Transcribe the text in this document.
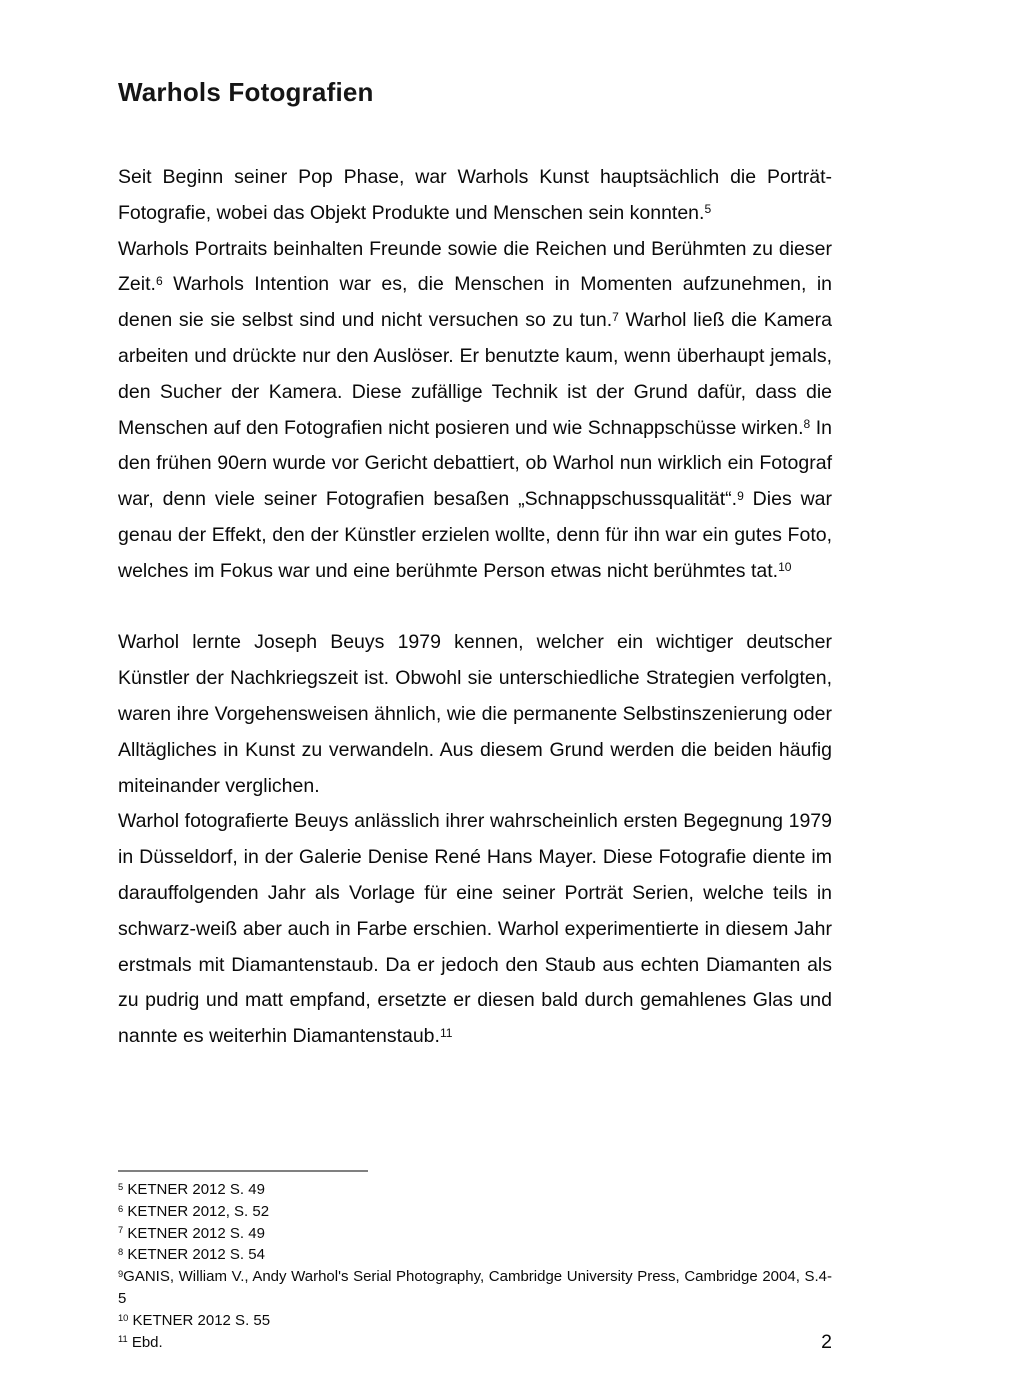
Warhols Fotografien

Seit Beginn seiner Pop Phase, war Warhols Kunst hauptsächlich die Porträt-Fotografie, wobei das Objekt Produkte und Menschen sein konnten.$^5$

Warhols Portraits beinhalten Freunde sowie die Reichen und Berühmten zu dieser Zeit.$^6$ Warhols Intention war es, die Menschen in Momenten aufzunehmen, in denen sie sie selbst sind und nicht versuchen so zu tun.$^7$ Warhol ließ die Kamera arbeiten und drückte nur den Auslöser. Er benutzte kaum, wenn überhaupt jemals, den Sucher der Kamera. Diese zufällige Technik ist der Grund dafür, dass die Menschen auf den Fotografien nicht posieren und wie Schnappschüsse wirken.$^8$ In den frühen 90ern wurde vor Gericht debattiert, ob Warhol nun wirklich ein Fotograf war, denn viele seiner Fotografien besaßen „Schnappschussqualität“.$^9$ Dies war genau der Effekt, den der Künstler erzielen wollte, denn für ihn war ein gutes Foto, welches im Fokus war und eine berühmte Person etwas nicht berühmtes tat.$^{10}$

Warhol lernte Joseph Beuys 1979 kennen, welcher ein wichtiger deutscher Künstler der Nachkriegszeit ist. Obwohl sie unterschiedliche Strategien verfolgten, waren ihre Vorgehensweisen ähnlich, wie die permanente Selbstinszenierung oder Alltägliches in Kunst zu verwandeln. Aus diesem Grund werden die beiden häufig miteinander verglichen.

Warhol fotografierte Beuys anlässlich ihrer wahrscheinlich ersten Begegnung 1979 in Düsseldorf, in der Galerie Denise René Hans Mayer. Diese Fotografie diente im darauffolgenden Jahr als Vorlage für eine seiner Porträt Serien, welche teils in schwarz-weiß aber auch in Farbe erschien. Warhol experimentierte in diesem Jahr erstmals mit Diamantenstaub. Da er jedoch den Staub aus echten Diamanten als zu pudrig und matt empfand, ersetzte er diesen bald durch gemahlenes Glas und nannte es weiterhin Diamantenstaub.$^{11}$

$^5$ KETNER 2012 S. 49

$^6$ KETNER 2012, S. 52

$^7$ KETNER 2012 S. 49

$^8$ KETNER 2012 S. 54

$^9$GANIS, William V., Andy Warhol's Serial Photography, Cambridge University Press, Cambridge 2004, S.4-5

$^{10}$ KETNER 2012 S. 55

$^{11}$ Ebd.	2
